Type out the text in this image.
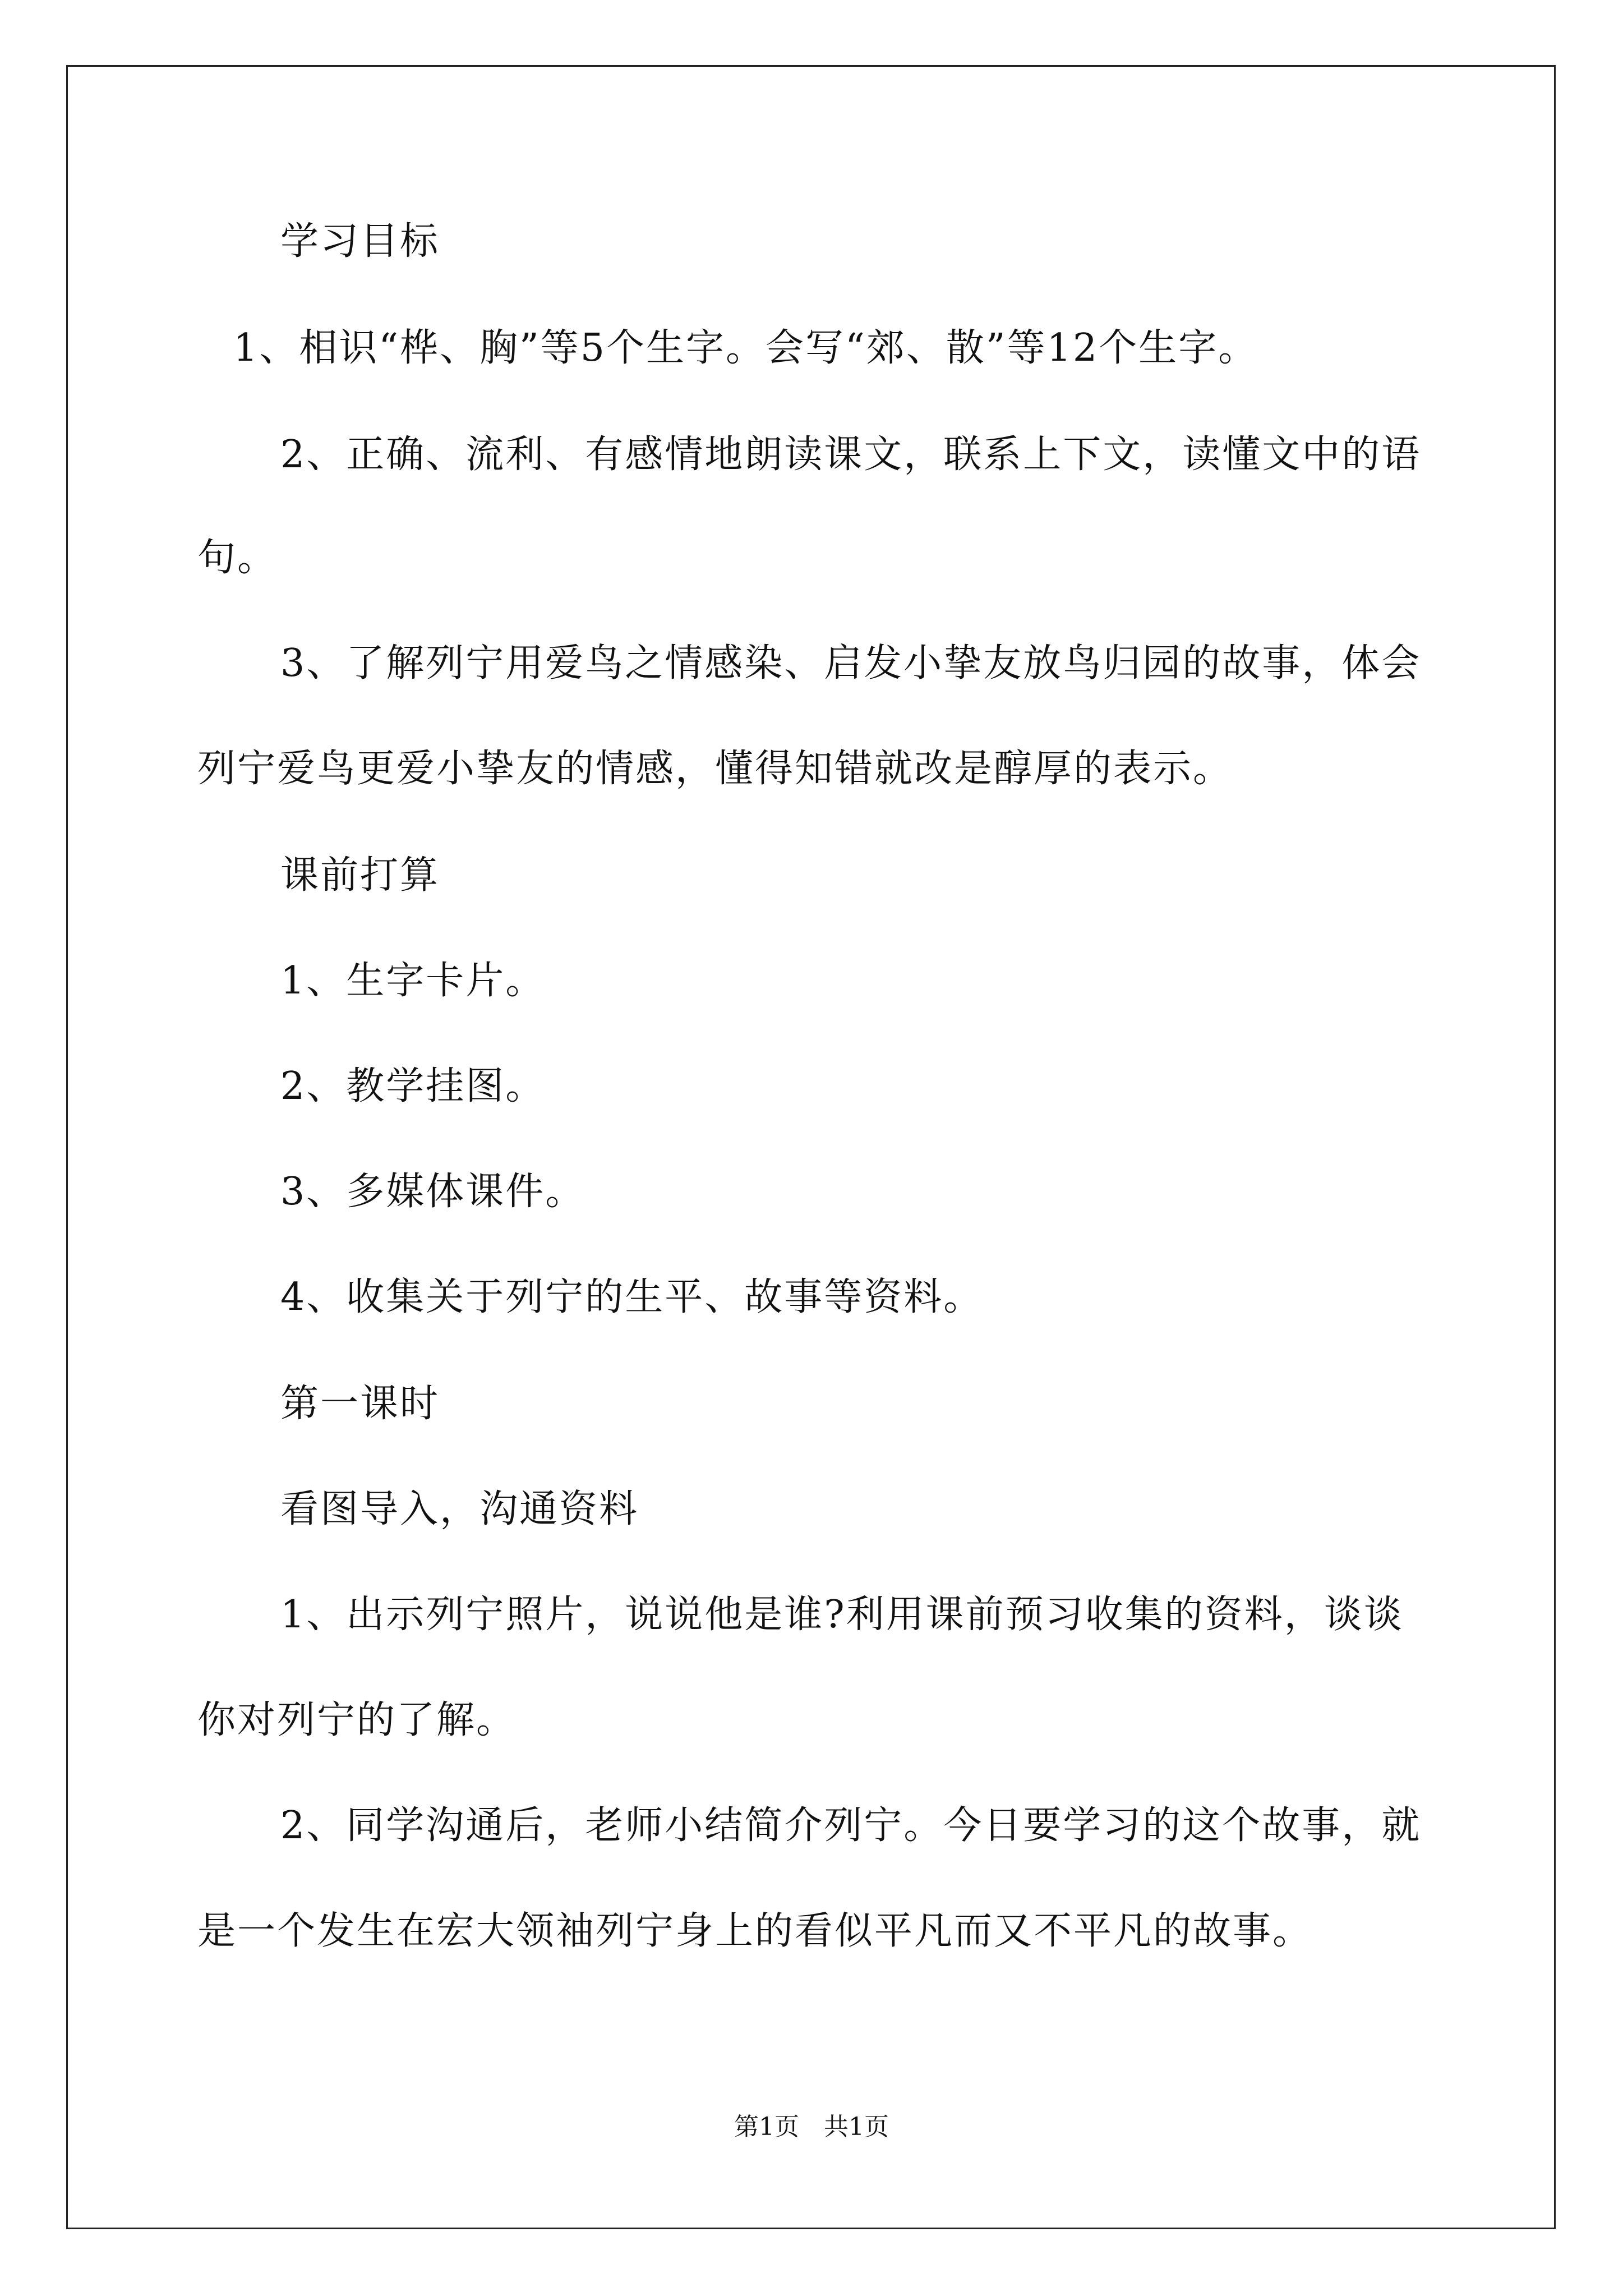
学习目标
1、相识“桦、胸”等5个生字。会写“郊、散”等12个生字。
2、正确、流利、有感情地朗读课文，联系上下文，读懂文中的语
句。
3、了解列宁用爱鸟之情感染、启发小挚友放鸟归园的故事，体会
列宁爱鸟更爱小挚友的情感，懂得知错就改是醇厚的表示。
课前打算
1、生字卡片。
2、教学挂图。
3、多媒体课件。
4、收集关于列宁的生平、故事等资料。
第一课时
看图导入，沟通资料
1、出示列宁照片，说说他是谁?利用课前预习收集的资料，谈谈
你对列宁的了解。
2、同学沟通后，老师小结简介列宁。今日要学习的这个故事，就
是一个发生在宏大领袖列宁身上的看似平凡而又不平凡的故事。
第1页　共1页
